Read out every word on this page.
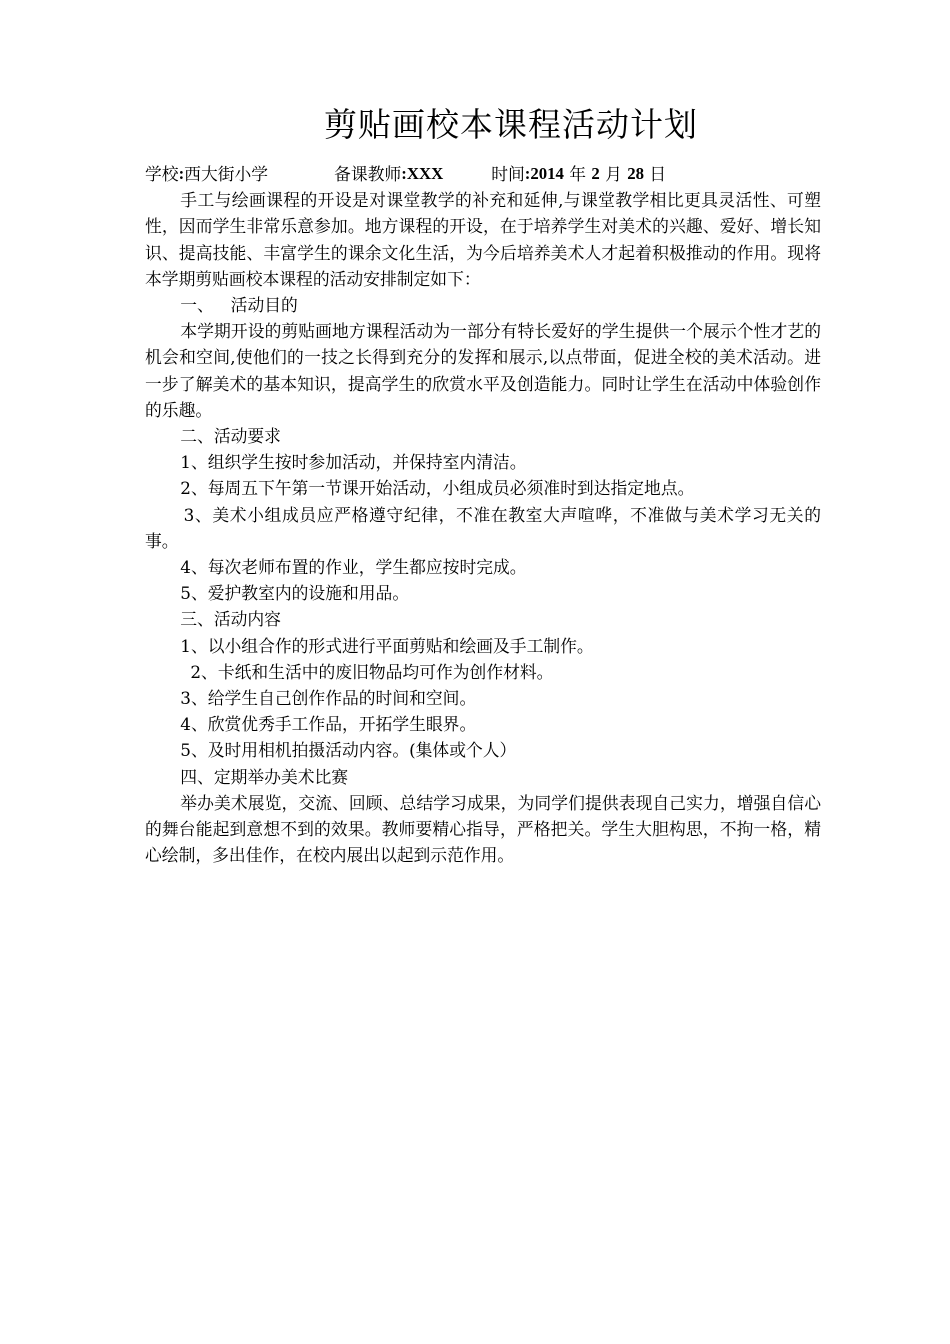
剪贴画校本课程活动计划
学校 : 西大街小学	备课教师 : XXX	时间 : 2014
年
2
月
28
日

手工与绘画课程的开设是对课堂教学的补充和延伸,与课堂教学相比更具灵活性、可塑性，因而学生非常乐意参加。地方课程的开设，在于培养学生对美术的兴趣、爱好、增长知识、提高技能、丰富学生的课余文化生活，为今后培养美术人才起着积极推动的作用。现将本学期剪贴画校本课程的活动安排制定如下：

一、 活动目的

本学期开设的剪贴画地方课程活动为一部分有特长爱好的学生提供一个展示个性才艺的机会和空间,使他们的一技之长得到充分的发挥和展示,以点带面，促进全校的美术活动。进一步了解美术的基本知识，提高学生的欣赏水平及创造能力。同时让学生在活动中体验创作的乐趣。

二、活动要求

1、组织学生按时参加活动，并保持室内清洁。

2、每周五下午第一节课开始活动，小组成员必须准时到达指定地点。

3、美术小组成员应严格遵守纪律，不准在教室大声喧哗，不准做与美术学习无关的事。

4、每次老师布置的作业，学生都应按时完成。

5、爱护教室内的设施和用品。

三、活动内容

1、以小组合作的形式进行平面剪贴和绘画及手工制作。

2、卡纸和生活中的废旧物品均可作为创作材料。

3、给学生自己创作作品的时间和空间。

4、欣赏优秀手工作品，开拓学生眼界。

5、及时用相机拍摄活动内容。(集体或个人）

四、定期举办美术比赛

举办美术展览，交流、回顾、总结学习成果，为同学们提供表现自己实力，增强自信心的舞台能起到意想不到的效果。教师要精心指导，严格把关。学生大胆构思，不拘一格，精心绘制，多出佳作，在校内展出以起到示范作用。
